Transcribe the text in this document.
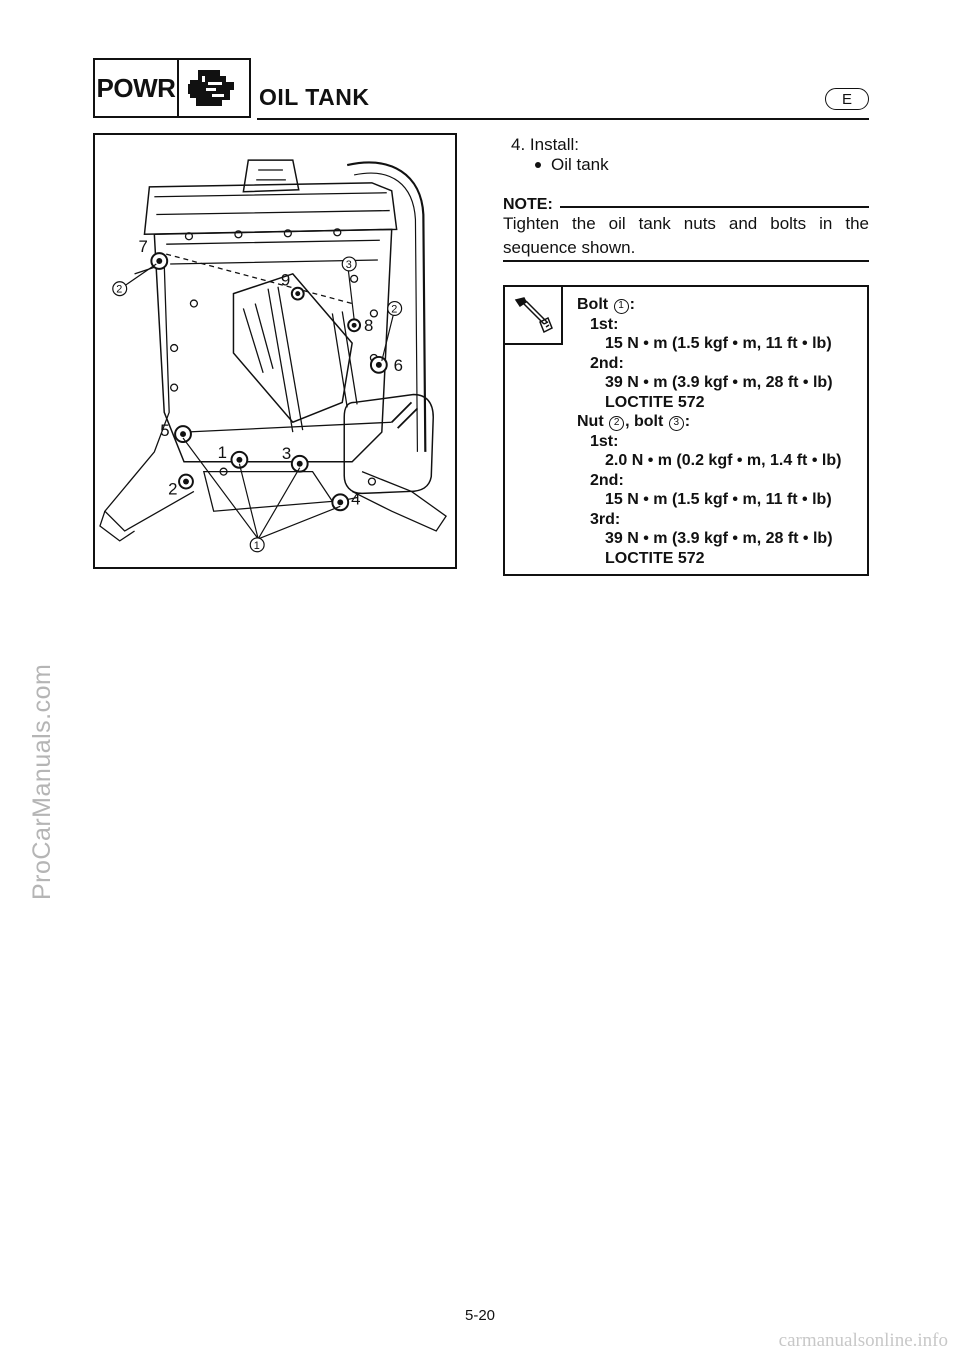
ProCarManuals.com
carmanualsonline.info
POWR	OIL TANK	E
7
9
8
6
5
1	3
2
4
2
3
2
1
4. Install:
Oil tank
NOTE:
Tighten the oil tank nuts and bolts in the sequence shown.
Bolt 1 :
1st:
15 N • m (1.5 kgf • m, 11 ft • lb)
2nd:
39 N • m (3.9 kgf • m, 28 ft • lb)
LOCTITE 572
Nut 2 , bolt 3 :
1st:
2.0 N • m (0.2 kgf • m, 1.4 ft • lb)
2nd:
15 N • m (1.5 kgf • m, 11 ft • lb)
3rd:
39 N • m (3.9 kgf • m, 28 ft • lb)
LOCTITE 572
5-20
